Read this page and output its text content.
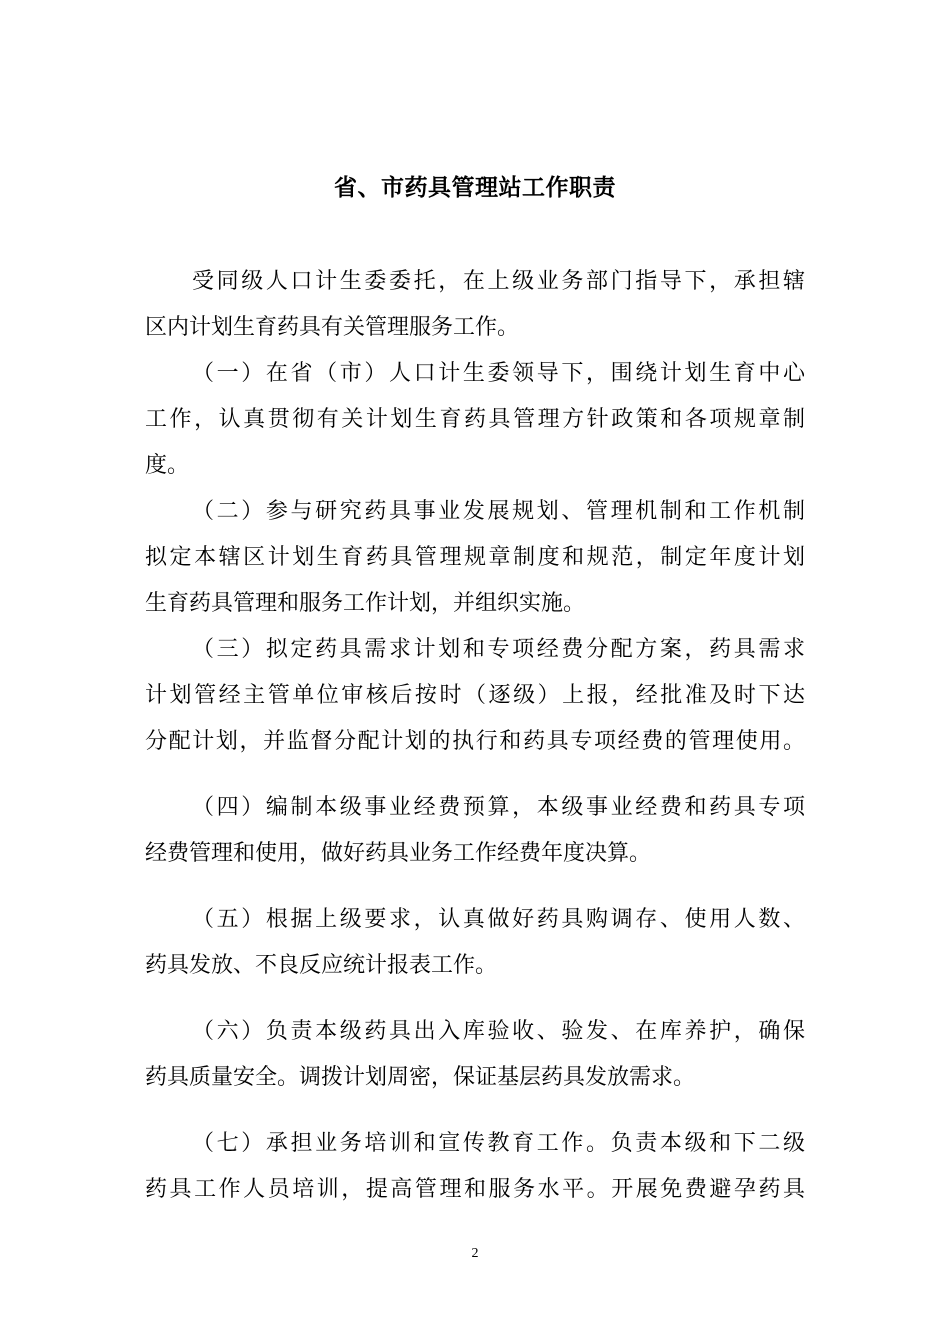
省、市药具管理站工作职责
受同级人口计生委委托，在上级业务部门指导下，承担辖
区内计划生育药具有关管理服务工作。
（一）在省（市）人口计生委领导下，围绕计划生育中心
工作，认真贯彻有关计划生育药具管理方针政策和各项规章制
度。
（二）参与研究药具事业发展规划、管理机制和工作机制
拟定本辖区计划生育药具管理规章制度和规范，制定年度计划
生育药具管理和服务工作计划，并组织实施。
（三）拟定药具需求计划和专项经费分配方案，药具需求
计划管经主管单位审核后按时（逐级）上报，经批准及时下达
分配计划，并监督分配计划的执行和药具专项经费的管理使用。
（四）编制本级事业经费预算，本级事业经费和药具专项
经费管理和使用，做好药具业务工作经费年度决算。
（五）根据上级要求，认真做好药具购调存、使用人数、
药具发放、不良反应统计报表工作。
（六）负责本级药具出入库验收、验发、在库养护，确保
药具质量安全。调拨计划周密，保证基层药具发放需求。
（七）承担业务培训和宣传教育工作。负责本级和下二级
药具工作人员培训，提高管理和服务水平。开展免费避孕药具
2
